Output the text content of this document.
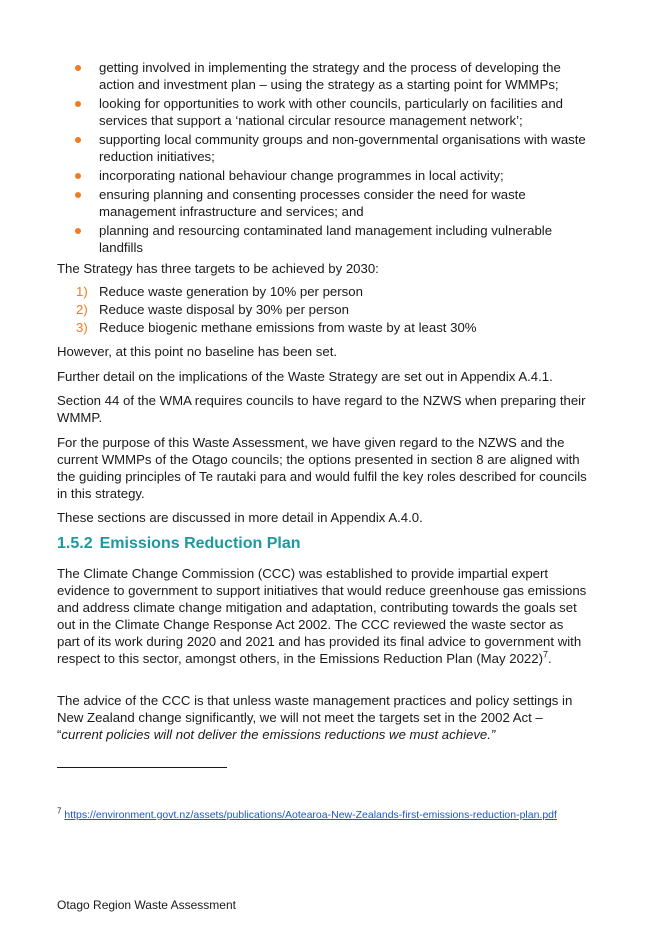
getting involved in implementing the strategy and the process of developing the action and investment plan – using the strategy as a starting point for WMMPs;
looking for opportunities to work with other councils, particularly on facilities and services that support a ‘national circular resource management network’;
supporting local community groups and non-governmental organisations with waste reduction initiatives;
incorporating national behaviour change programmes in local activity;
ensuring planning and consenting processes consider the need for waste management infrastructure and services; and
planning and resourcing contaminated land management including vulnerable landfills

The Strategy has three targets to be achieved by 2030:

1) Reduce waste generation by 10% per person
2) Reduce waste disposal by 30% per person
3) Reduce biogenic methane emissions from waste by at least 30%

However, at this point no baseline has been set.

Further detail on the implications of the Waste Strategy are set out in Appendix A.4.1.

Section 44 of the WMA requires councils to have regard to the NZWS when preparing their WMMP.

For the purpose of this Waste Assessment, we have given regard to the NZWS and the current WMMPs of the Otago councils; the options presented in section 8 are aligned with the guiding principles of Te rautaki para and would fulfil the key roles described for councils in this strategy.

These sections are discussed in more detail in Appendix A.4.0.

1.5.2 Emissions Reduction Plan

The Climate Change Commission (CCC) was established to provide impartial expert evidence to government to support initiatives that would reduce greenhouse gas emissions and address climate change mitigation and adaptation, contributing towards the goals set out in the Climate Change Response Act 2002. The CCC reviewed the waste sector as part of its work during 2020 and 2021 and has provided its final advice to government with respect to this sector, amongst others, in the Emissions Reduction Plan (May 2022)$^7$.

The advice of the CCC is that unless waste management practices and policy settings in New Zealand change significantly, we will not meet the targets set in the 2002 Act – “current policies will not deliver the emissions reductions we must achieve.”

$^7$ https://environment.govt.nz/assets/publications/Aotearoa-New-Zealands-first-emissions-reduction-plan.pdf
Otago Region Waste Assessment
